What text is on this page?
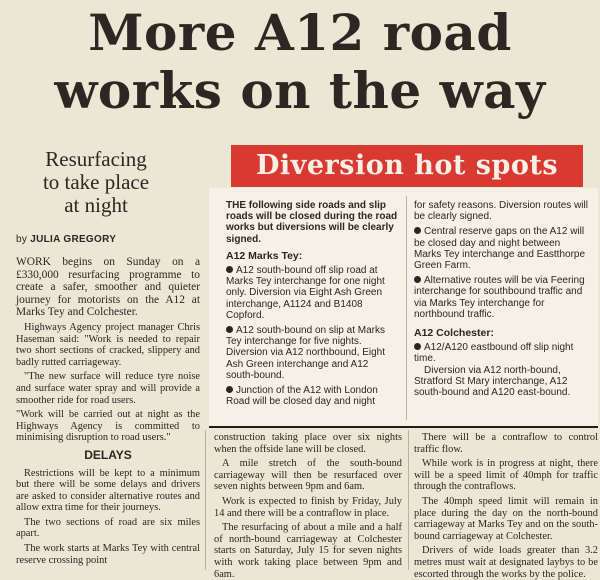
More A12 road
works on the way
Resurfacing
to take place
at night
by JULIA GREGORY

WORK begins on Sunday on a £330,000 resurfacing programme to create a safer, smoother and quieter journey for motorists on the A12 at Marks Tey and Colchester.

Highways Agency project manager Chris Haseman said: "Work is needed to repair two short sections of cracked, slippery and badly rutted carriageway.

"The new surface will reduce tyre noise and surface water spray and will provide a smoother ride for road users.

"Work will be carried out at night as the Highways Agency is committed to minimising disruption to road users."

DELAYS

Restrictions will be kept to a minimum but there will be some delays and drivers are asked to consider alternative routes and allow extra time for their journeys.

The two sections of road are six miles apart.

The work starts at Marks Tey with central reserve crossing point

Diversion hot spots

THE following side roads and slip roads will be closed during the road works but diversions will be clearly signed.

A12 Marks Tey:

A12 south-bound off slip road at Marks Tey interchange for one night only. Diversion via Eight Ash Green interchange, A1124 and B1408 Copford.

A12 south-bound on slip at Marks Tey interchange for five nights. Diversion via A12 northbound, Eight Ash Green interchange and A12 south-bound.

Junction of the A12 with London Road will be closed day and night

for safety reasons. Diversion routes will be clearly signed.

Central reserve gaps on the A12 will be closed day and night between Marks Tey interchange and Eastthorpe Green Farm.

Alternative routes will be via Feering interchange for southbound traffic and via Marks Tey interchange for northbound traffic.

A12 Colchester:

A12/A120 eastbound off slip night time.

Diversion via A12 north-bound, Stratford St Mary interchange, A12 south-bound and A120 east-bound.

construction taking place over six nights when the offside lane will be closed.

A mile stretch of the south-bound carriageway will then be resurfaced over seven nights between 9pm and 6am.

Work is expected to finish by Friday, July 14 and there will be a contraflow in place.

The resurfacing of about a mile and a half of north-bound carriageway at Colchester starts on Saturday, July 15 for seven nights with work taking place between 9pm and 6am.

There will be a contraflow to control traffic flow.

While work is in progress at night, there will be a speed limit of 40mph for traffic through the contraflows.

The 40mph speed limit will remain in place during the day on the north-bound carriageway at Marks Tey and on the south-bound carriageway at Colchester.

Drivers of wide loads greater than 3.2 metres must wait at designated laybys to be escorted through the works by the police.
